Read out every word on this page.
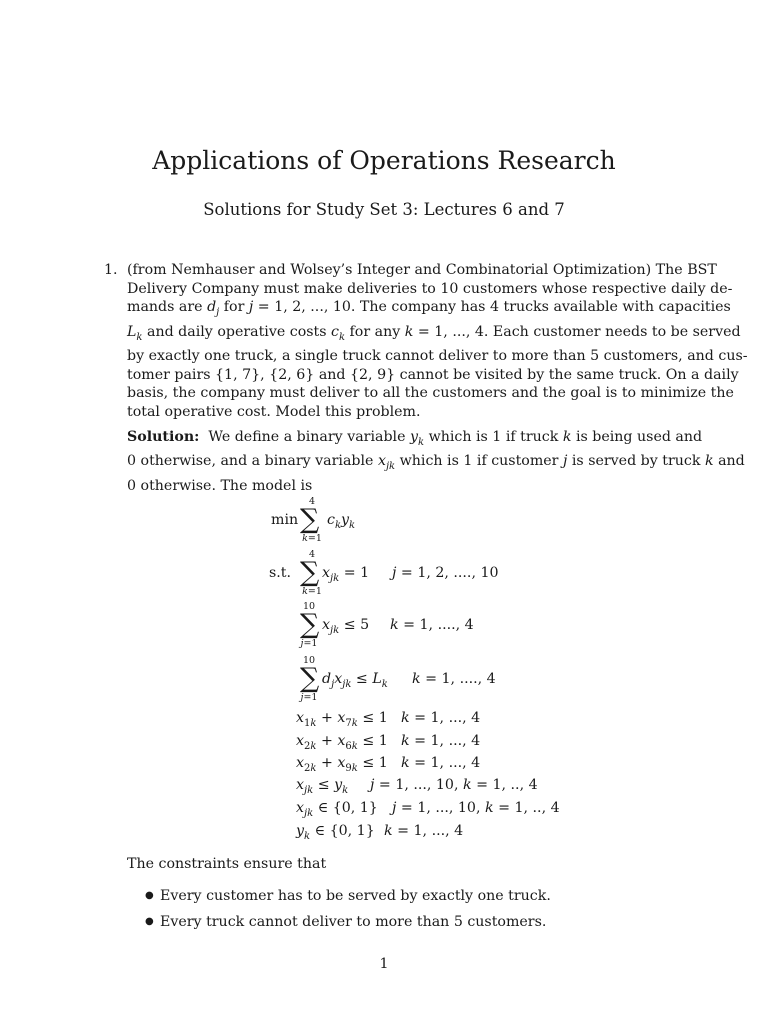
Applications of Operations Research
Solutions for Study Set 3: Lectures 6 and 7
1. (from Nemhauser and Wolsey’s Integer and Combinatorial Optimization) The BST
Delivery Company must make deliveries to 10 customers whose respective daily de-
mands are $d_j$ for j = 1, 2, ..., 10. The company has 4 trucks available with capacities
$L_k$ and daily operative costs $c_k$ for any k = 1, ..., 4. Each customer needs to be served
by exactly one truck, a single truck cannot deliver to more than 5 customers, and cus-
tomer pairs {1, 7}, {2, 6} and {2, 9} cannot be visited by the same truck. On a daily
basis, the company must deliver to all the customers and the goal is to minimize the
total operative cost. Model this problem.
Solution:  We define a binary variable $y_k$ which is 1 if truck k is being used and
0 otherwise, and a binary variable $x_{jk}$ which is 1 if customer j is served by truck k and
0 otherwise. The model is
min
4
∑
k=1
$c_ky_k$
s.t.
4
∑
k=1
$x_{jk} = 1$ j = 1, 2, ...., 10
10
∑
j=1
$x_{jk} \le 5$ k = 1, ...., 4
10
∑
j=1
$d_jx_{jk} \le L_k$ k = 1, ...., 4
$x_{1k} + x_{7k} \le 1$ k = 1, ..., 4
$x_{2k} + x_{6k} \le 1$ k = 1, ..., 4
$x_{2k} + x_{9k} \le 1$ k = 1, ..., 4
$x_{jk} \le y_k$ j = 1, ..., 10, k = 1, .., 4
$x_{jk}$ ∈ {0, 1} j = 1, ..., 10, k = 1, .., 4
$y_k$ ∈ {0, 1} k = 1, ..., 4
The constraints ensure that
● Every customer has to be served by exactly one truck.
● Every truck cannot deliver to more than 5 customers.
1
